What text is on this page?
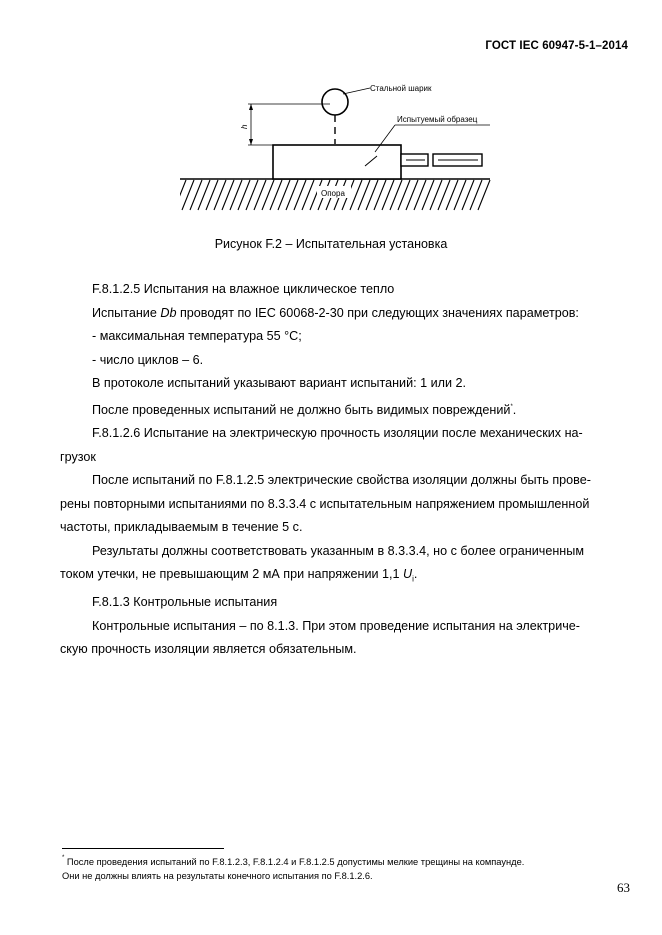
ГОСТ IEC 60947-5-1–2014
h
Стальной шарик
Испытуемый образец
Опора
Рисунок F.2 – Испытательная установка

F.8.1.2.5 Испытания на влажное циклическое тепло

Испытание Db проводят по IEC 60068-2-30 при следующих значениях параметров:

- максимальная температура 55 °C;

- число циклов – 6.

В протоколе испытаний указывают вариант испытаний: 1 или 2.

После проведенных испытаний не должно быть видимых повреждений*.

F.8.1.2.6 Испытание на электрическую прочность изоляции после механических на-

грузок

После испытаний по F.8.1.2.5 электрические свойства изоляции должны быть прове-

рены повторными испытаниями по 8.3.3.4 с испытательным напряжением промышленной

частоты, прикладываемым в течение 5 с.

Результаты должны соответствовать указанным в 8.3.3.4, но с более ограниченным

током утечки, не превышающим 2 мА при напряжении 1,1 $U_i$.

F.8.1.3 Контрольные испытания

Контрольные испытания – по 8.1.3. При этом проведение испытания на электриче-

скую прочность изоляции является обязательным.

* После проведения испытаний по F.8.1.2.3, F.8.1.2.4 и F.8.1.2.5 допустимы мелкие трещины на компаунде.

Они не должны влиять на результаты конечного испытания по F.8.1.2.6.

63
